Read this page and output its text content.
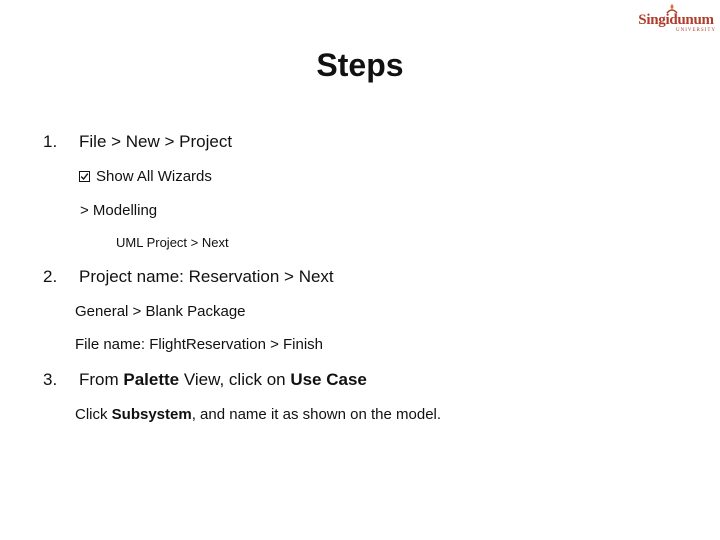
Singidunum
UNIVERSITY
Steps
1. File > New > Project
Show All Wizards
> Modelling
UML Project > Next
2. Project name: Reservation > Next
General > Blank Package
File name: FlightReservation > Finish
3. From Palette View, click on Use Case
Click Subsystem, and name it as shown on the model.
